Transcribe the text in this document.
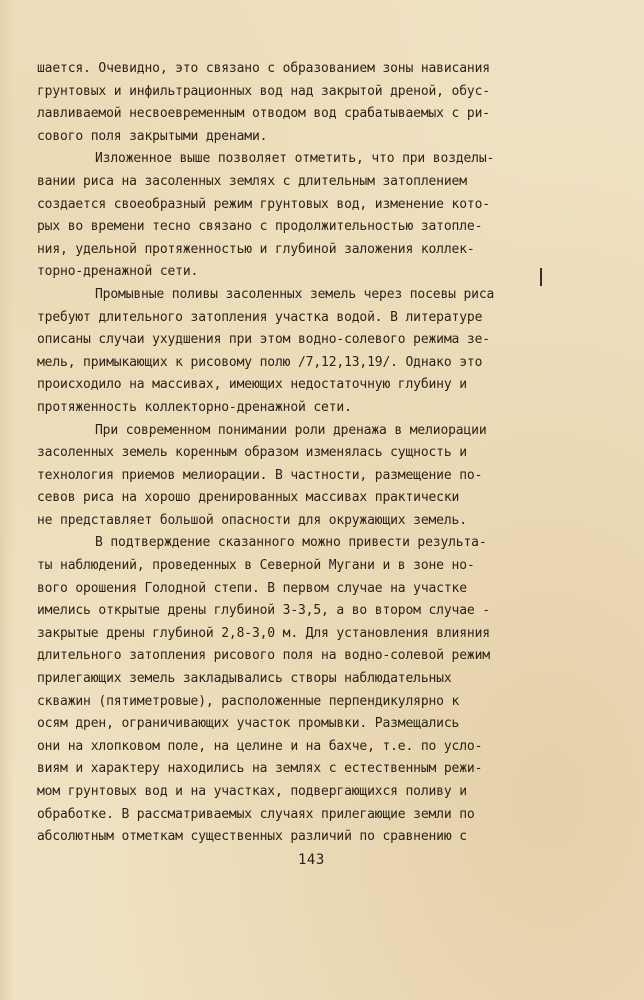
шается. Очевидно, это связано с образованием зоны нависания
грунтовых и инфильтрационных вод над закрытой дреной, обус-
лавливаемой несвоевременным отводом вод срабатываемых с ри-
сового поля закрытыми дренами.
Изложенное выше позволяет отметить, что при возделы-
вании риса на засоленных землях с длительным затоплением
создается своеобразный режим грунтовых вод, изменение кото-
рых во времени тесно связано с продолжительностью затопле-
ния, удельной протяженностью и глубиной заложения коллек-
торно-дренажной сети.
Промывные поливы засоленных земель через посевы риса
требуют длительного затопления участка водой. В литературе
описаны случаи ухудшения при этом водно-солевого режима зе-
мель, примыкающих к рисовому полю /7,12,13,19/. Однако это
происходило на массивах, имеющих недостаточную глубину и
протяженность коллекторно-дренажной сети.
При современном понимании роли дренажа в мелиорации
засоленных земель коренным образом изменялась сущность и
технология приемов мелиорации. В частности, размещение по-
севов риса на хорошо дренированных массивах практически
не представляет большой опасности для окружающих земель.
В подтверждение сказанного можно привести результа-
ты наблюдений, проведенных в Северной Мугани и в зоне но-
вого орошения Голодной степи. В первом случае на участке
имелись открытые дрены глубиной 3-3,5, а во втором случае -
закрытые дрены глубиной 2,8-3,0 м. Для установления влияния
длительного затопления рисового поля на водно-солевой режим
прилегающих земель закладывались створы наблюдательных
скважин (пятиметровые), расположенные перпендикулярно к
осям дрен, ограничивающих участок промывки. Размещались
они на хлопковом поле, на целине и на бахче, т.е. по усло-
виям и характеру находились на землях с естественным режи-
мом грунтовых вод и на участках, подвергающихся поливу и
обработке. В рассматриваемых случаях прилегающие земли по
абсолютным отметкам существенных различий по сравнению с
143
